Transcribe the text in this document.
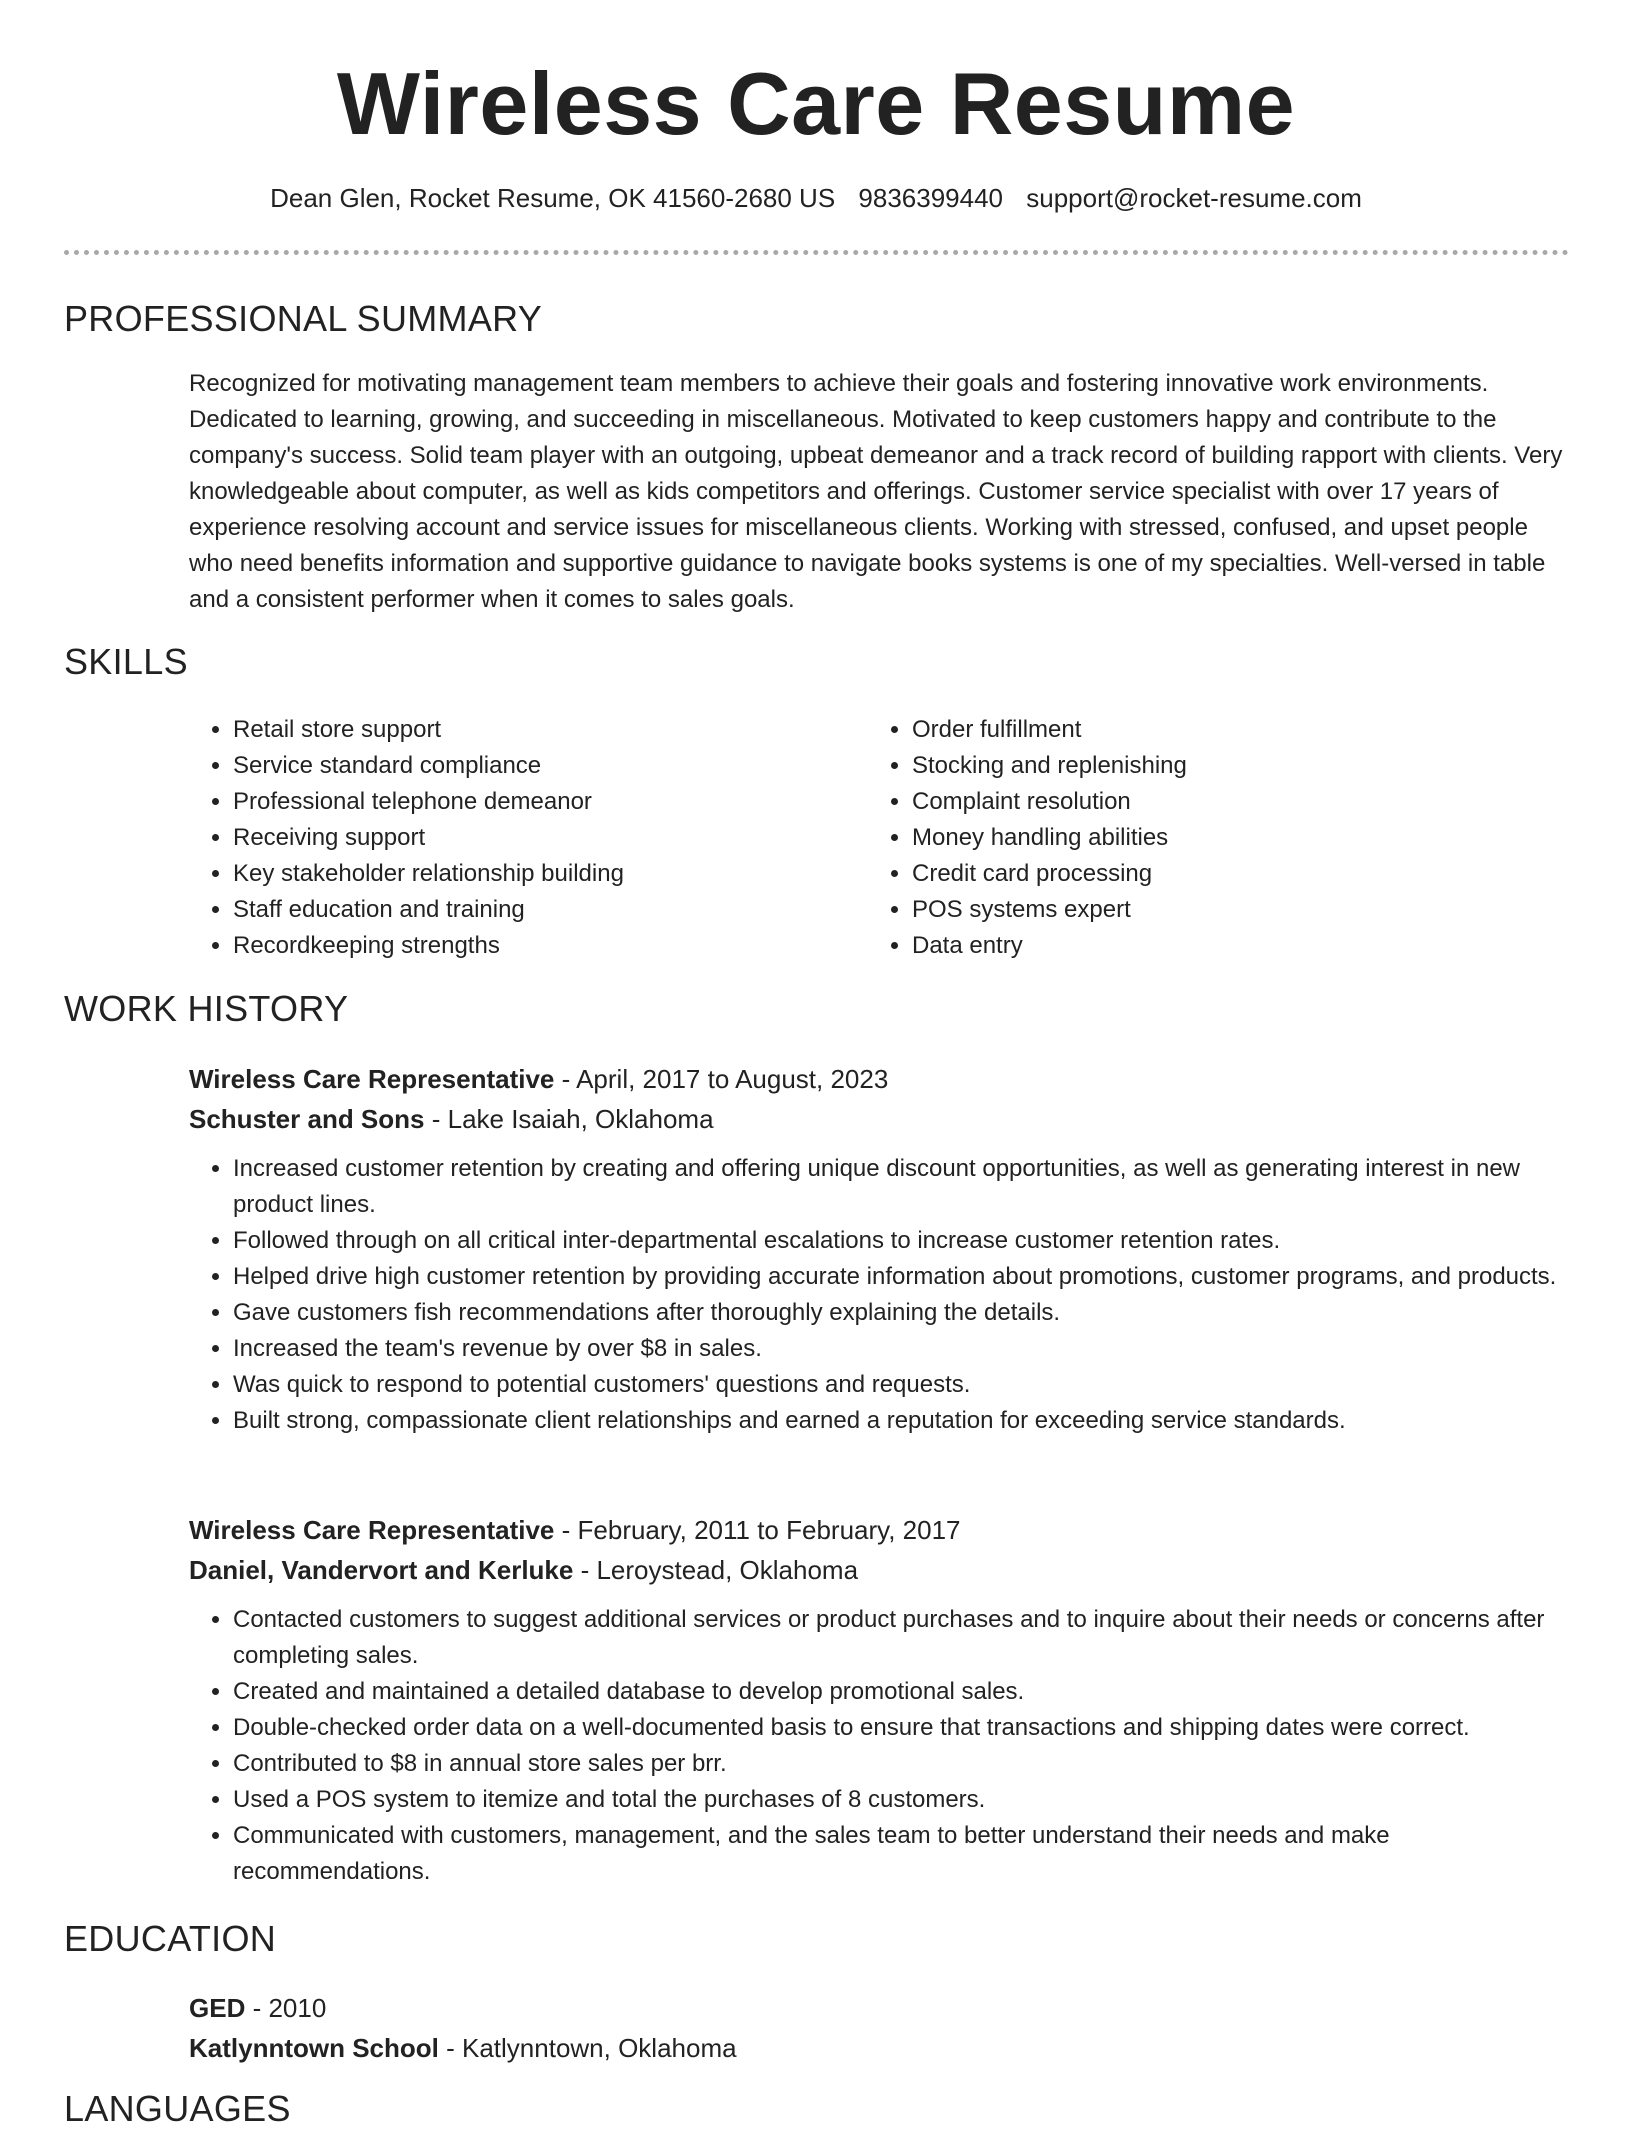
Wireless Care Resume
Dean Glen, Rocket Resume, OK 41560-2680 US 9836399440 support@rocket-resume.com
PROFESSIONAL SUMMARY

Recognized for motivating management team members to achieve their goals and fostering innovative work environments. Dedicated to learning, growing, and succeeding in miscellaneous. Motivated to keep customers happy and contribute to the company's success. Solid team player with an outgoing, upbeat demeanor and a track record of building rapport with clients. Very knowledgeable about computer, as well as kids competitors and offerings. Customer service specialist with over 17 years of experience resolving account and service issues for miscellaneous clients. Working with stressed, confused, and upset people who need benefits information and supportive guidance to navigate books systems is one of my specialties. Well-versed in table and a consistent performer when it comes to sales goals.

SKILLS
• Retail store support
• Service standard compliance
• Professional telephone demeanor
• Receiving support
• Key stakeholder relationship building
• Staff education and training
• Recordkeeping strengths
• Order fulfillment
• Stocking and replenishing
• Complaint resolution
• Money handling abilities
• Credit card processing
• POS systems expert
• Data entry
WORK HISTORY

Wireless Care Representative - April, 2017 to August, 2023

Schuster and Sons - Lake Isaiah, Oklahoma

• Increased customer retention by creating and offering unique discount opportunities, as well as generating interest in new product lines.
• Followed through on all critical inter-departmental escalations to increase customer retention rates.
• Helped drive high customer retention by providing accurate information about promotions, customer programs, and products.
• Gave customers fish recommendations after thoroughly explaining the details.
• Increased the team's revenue by over $8 in sales.
• Was quick to respond to potential customers' questions and requests.
• Built strong, compassionate client relationships and earned a reputation for exceeding service standards.

Wireless Care Representative - February, 2011 to February, 2017

Daniel, Vandervort and Kerluke - Leroystead, Oklahoma

• Contacted customers to suggest additional services or product purchases and to inquire about their needs or concerns after completing sales.
• Created and maintained a detailed database to develop promotional sales.
• Double-checked order data on a well-documented basis to ensure that transactions and shipping dates were correct.
• Contributed to $8 in annual store sales per brr.
• Used a POS system to itemize and total the purchases of 8 customers.
• Communicated with customers, management, and the sales team to better understand their needs and make recommendations.
EDUCATION

GED - 2010

Katlynntown School - Katlynntown, Oklahoma

LANGUAGES
